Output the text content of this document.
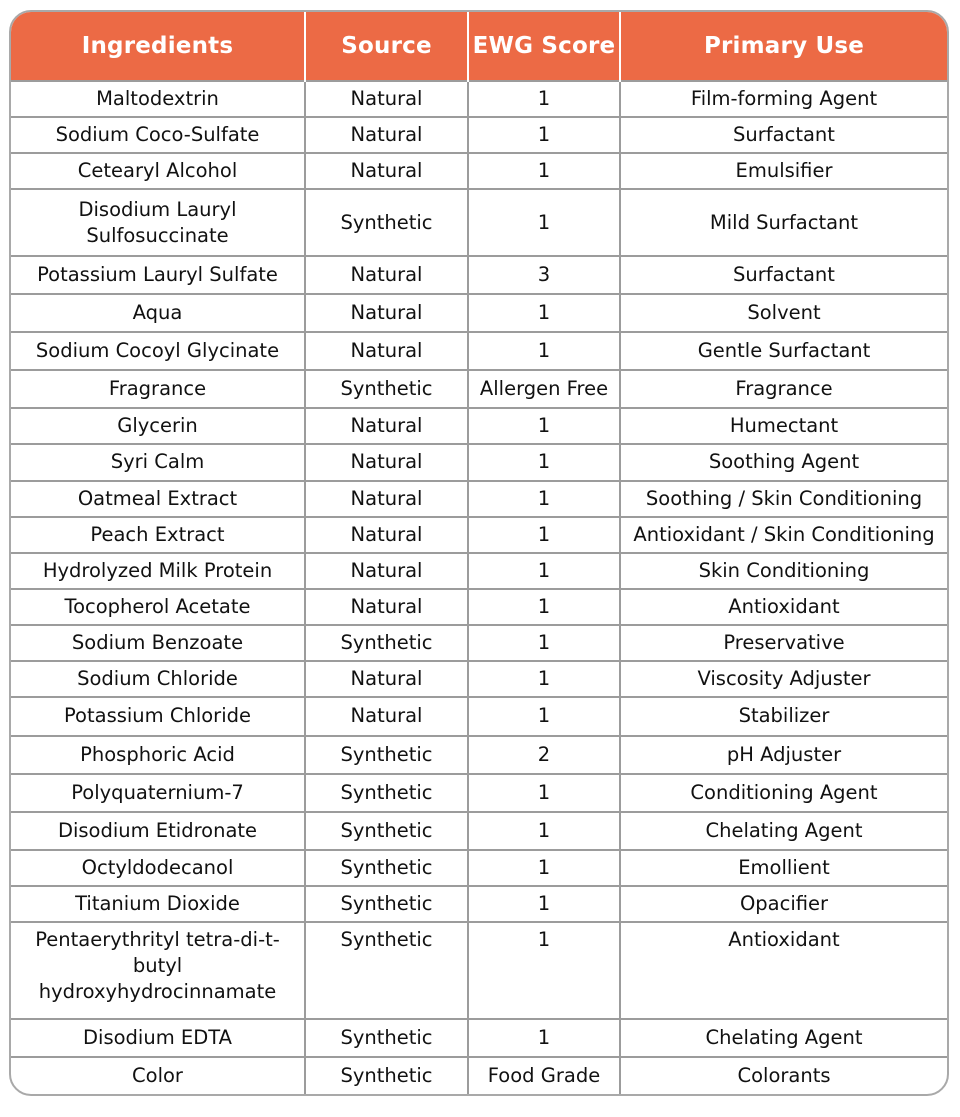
Ingredients	Source	EWG Score	Primary Use
Maltodextrin	Natural	1	Film-forming Agent
Sodium Coco-Sulfate	Natural	1	Surfactant
Cetearyl Alcohol	Natural	1	Emulsifier
Disodium Lauryl Sulfosuccinate	Synthetic	1	Mild Surfactant
Potassium Lauryl Sulfate	Natural	3	Surfactant
Aqua	Natural	1	Solvent
Sodium Cocoyl Glycinate	Natural	1	Gentle Surfactant
Fragrance	Synthetic	Allergen Free	Fragrance
Glycerin	Natural	1	Humectant
Syri Calm	Natural	1	Soothing Agent
Oatmeal Extract	Natural	1	Soothing / Skin Conditioning
Peach Extract	Natural	1	Antioxidant / Skin Conditioning
Hydrolyzed Milk Protein	Natural	1	Skin Conditioning
Tocopherol Acetate	Natural	1	Antioxidant
Sodium Benzoate	Synthetic	1	Preservative
Sodium Chloride	Natural	1	Viscosity Adjuster
Potassium Chloride	Natural	1	Stabilizer
Phosphoric Acid	Synthetic	2	pH Adjuster
Polyquaternium-7	Synthetic	1	Conditioning Agent
Disodium Etidronate	Synthetic	1	Chelating Agent
Octyldodecanol	Synthetic	1	Emollient
Titanium Dioxide	Synthetic	1	Opacifier
Pentaerythrityl tetra-di-t-butyl hydroxyhydrocinnamate	Synthetic	1	Antioxidant
Disodium EDTA	Synthetic	1	Chelating Agent
Color	Synthetic	Food Grade	Colorants
